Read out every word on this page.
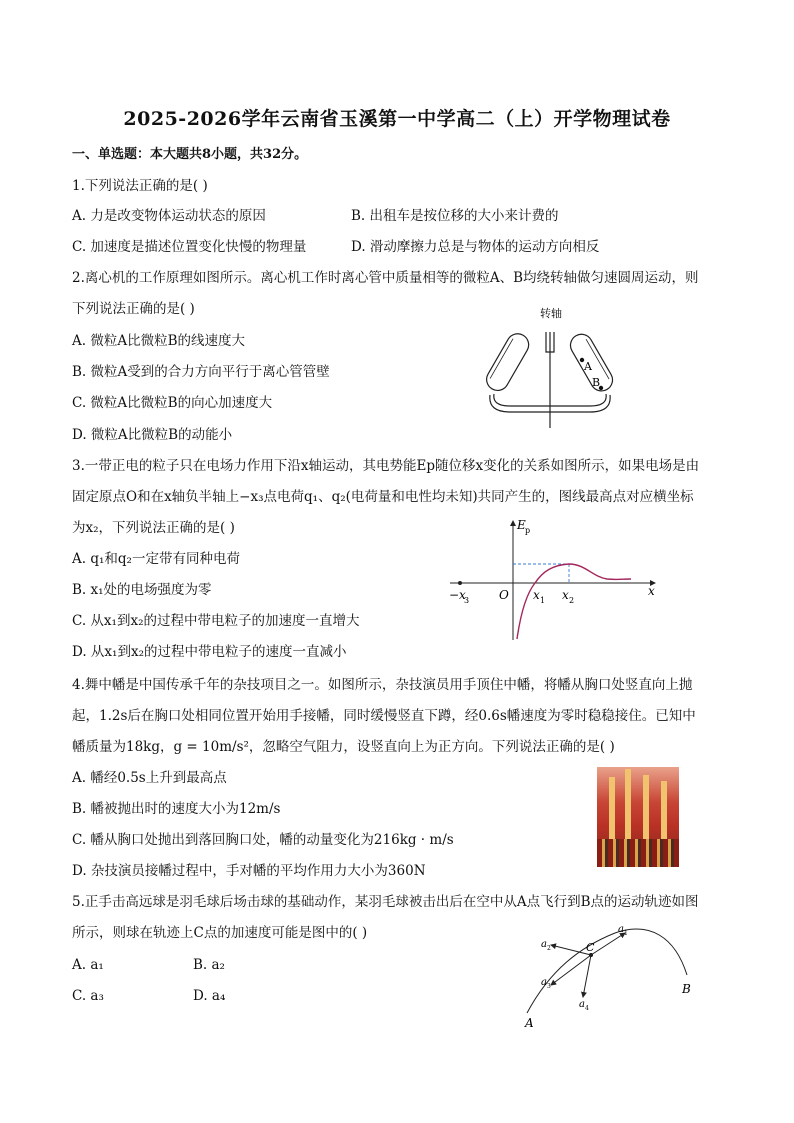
2025-2026学年云南省玉溪第一中学高二（上）开学物理试卷
一、单选题：本大题共8小题，共32分。
1.下列说法正确的是( )
A. 力是改变物体运动状态的原因	B. 出租车是按位移的大小来计费的
C. 加速度是描述位置变化快慢的物理量	D. 滑动摩擦力总是与物体的运动方向相反
2.离心机的工作原理如图所示。离心机工作时离心管中质量相等的微粒A、B均绕转轴做匀速圆周运动，则
下列说法正确的是( )
A. 微粒A比微粒B的线速度大
B. 微粒A受到的合力方向平行于离心管管壁
C. 微粒A比微粒B的向心加速度大
D. 微粒A比微粒B的动能小
A
B
转轴
3.一带正电的粒子只在电场力作用下沿x轴运动，其电势能Ep随位移x变化的关系如图所示，如果电场是由
固定原点O和在x轴负半轴上−x₃点电荷q₁、q₂(电荷量和电性均未知)共同产生的，图线最高点对应横坐标
为x₂，下列说法正确的是( )
A. q₁和q₂一定带有同种电荷
B. x₁处的电场强度为零
C. 从x₁到x₂的过程中带电粒子的加速度一直增大
D. 从x₁到x₂的过程中带电粒子的速度一直减小
E p
−x
3 O x 1 x 2
x
4.舞中幡是中国传承千年的杂技项目之一。如图所示，杂技演员用手顶住中幡，将幡从胸口处竖直向上抛
起，1.2s后在胸口处相同位置开始用手接幡，同时缓慢竖直下蹲，经0.6s幡速度为零时稳稳接住。已知中
幡质量为18kg，g = 10m/s²，忽略空气阻力，设竖直向上为正方向。下列说法正确的是( )
A. 幡经0.5s上升到最高点
B. 幡被抛出时的速度大小为12m/s
C. 幡从胸口处抛出到落回胸口处，幡的动量变化为216kg · m/s
D. 杂技演员接幡过程中，手对幡的平均作用力大小为360N
5.正手击高远球是羽毛球后场击球的基础动作，某羽毛球被击出后在空中从A点飞行到B点的运动轨迹如图
所示，则球在轨迹上C点的加速度可能是图中的( )
A. a₁	B. a₂
C. a₃	D. a₄
C
a 1
a 2
a 3
a 4
A
B
